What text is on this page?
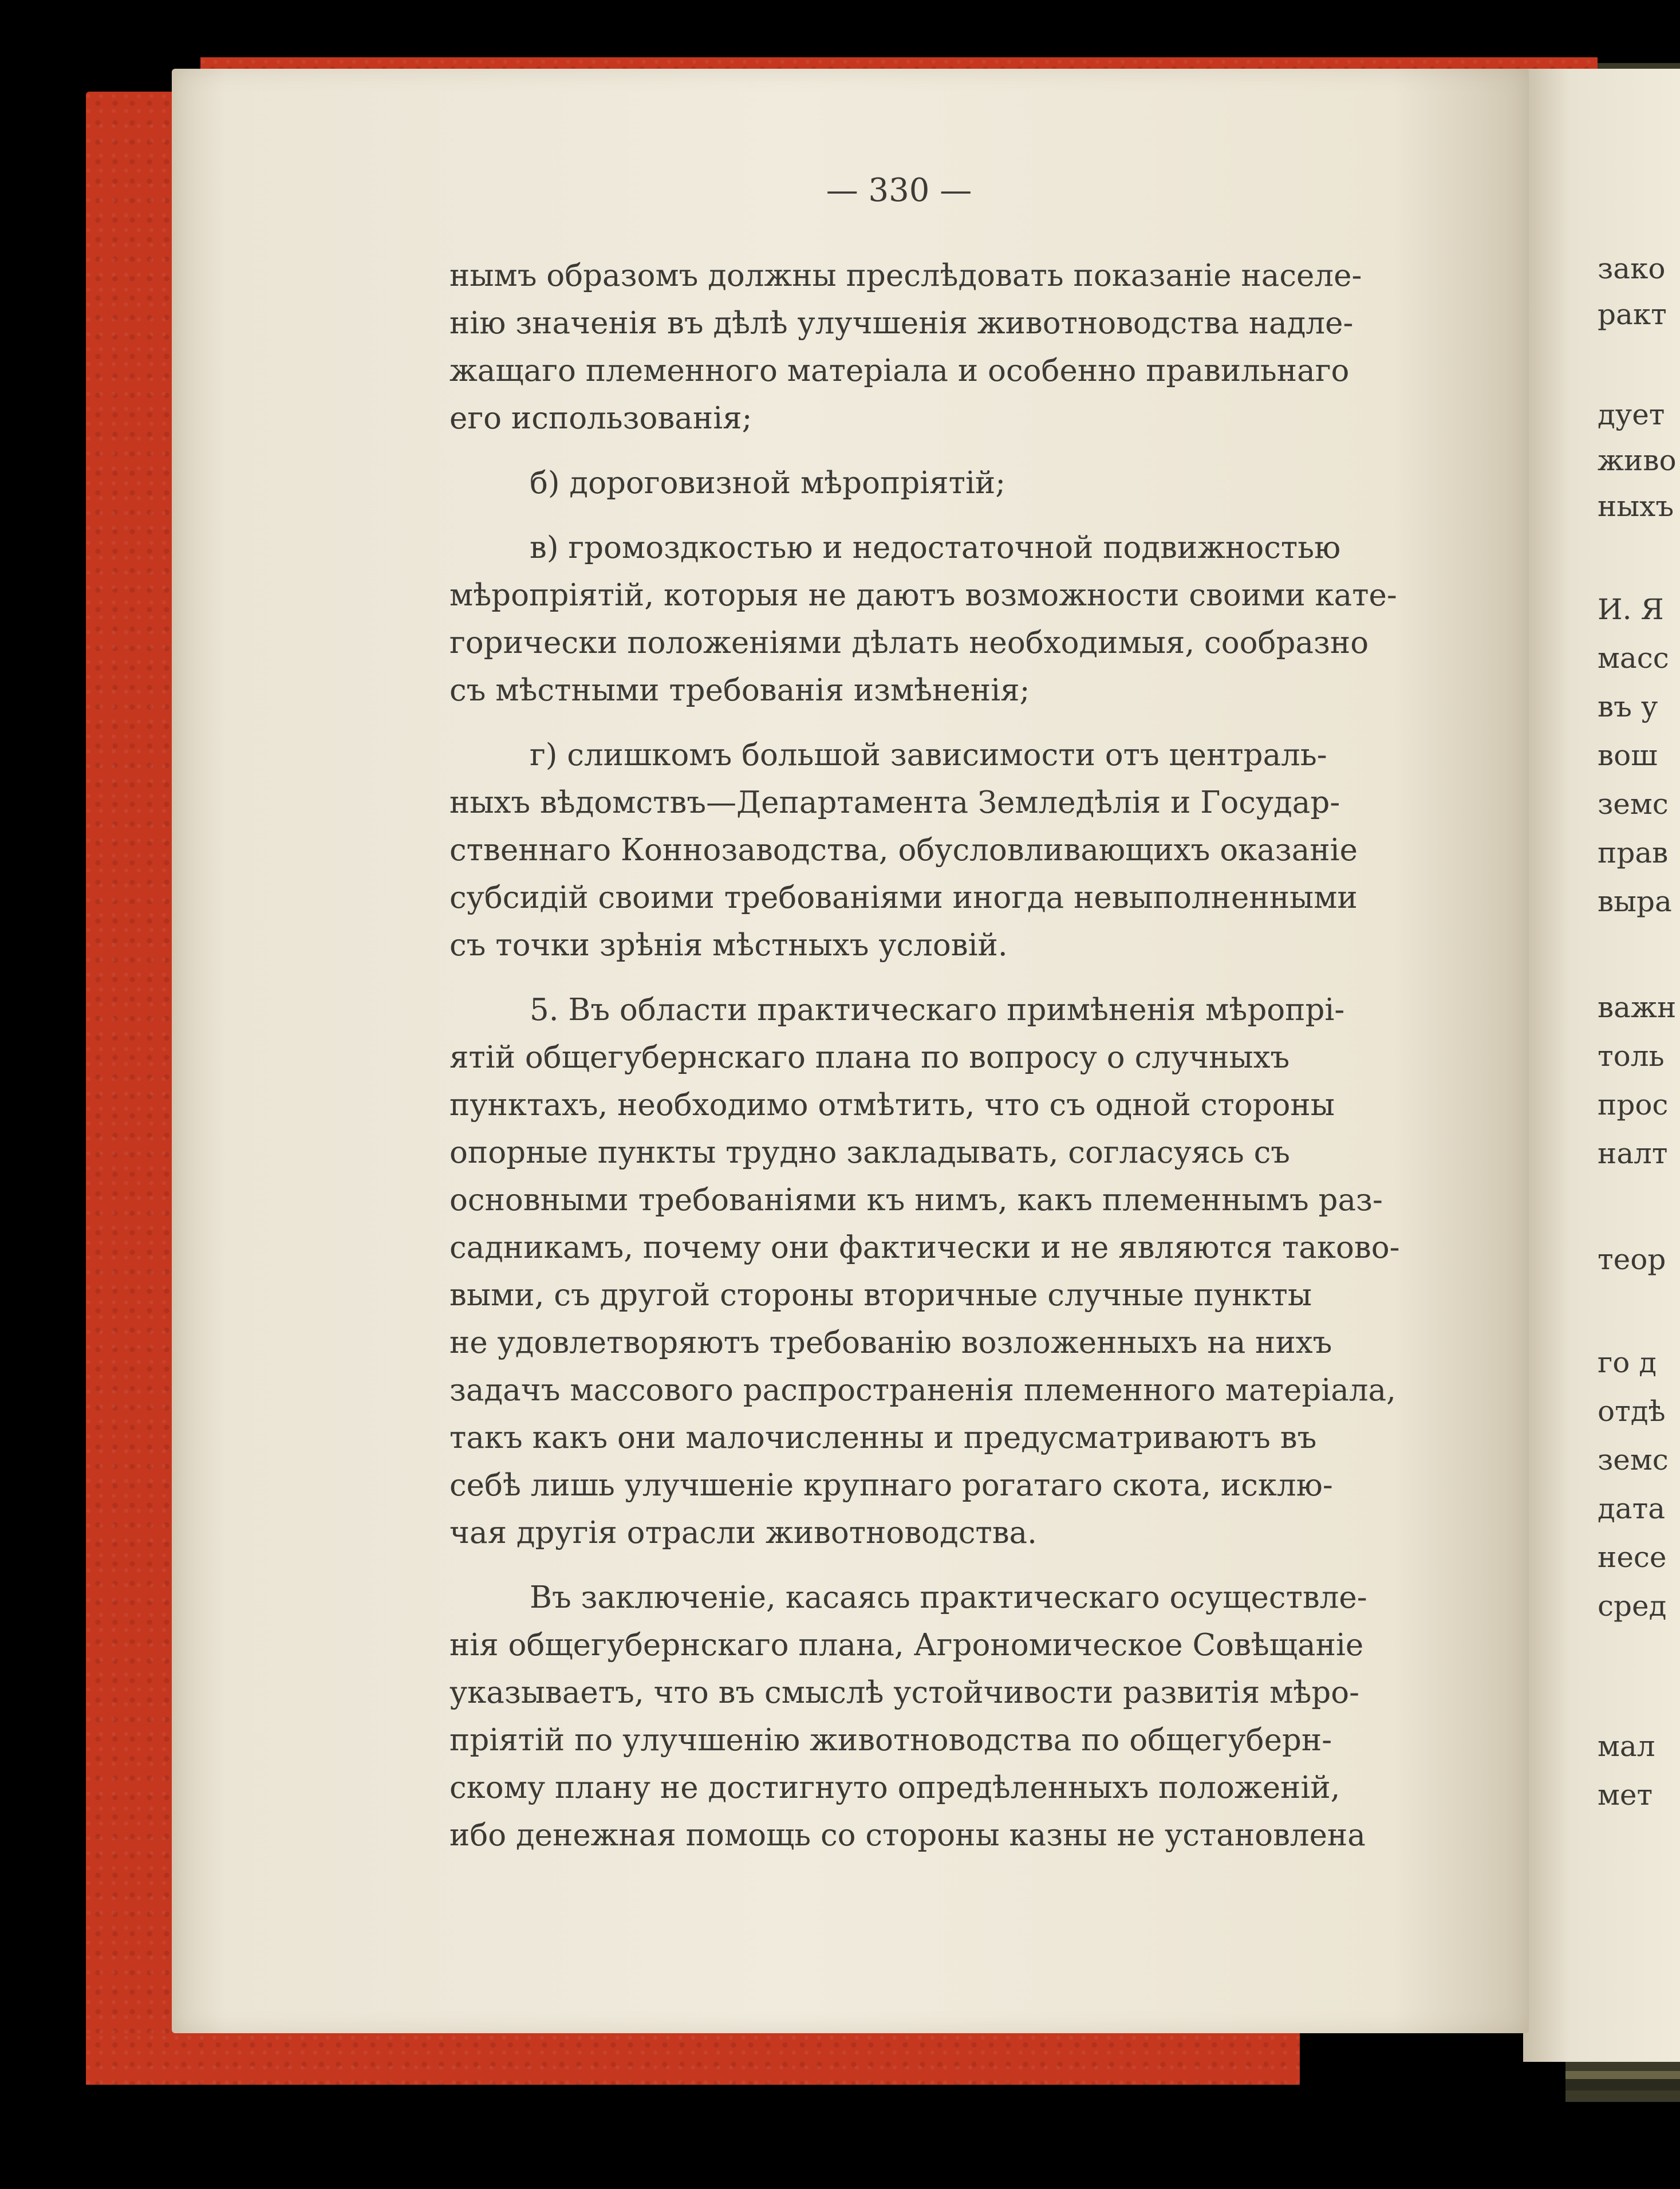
— 330 —
нымъ образомъ должны преслѣдовать показаніе населе-
нію значенія въ дѣлѣ улучшенія животноводства надле-
жащаго племенного матеріала и особенно правильнаго
его использованія;
б) дороговизной мѣропріятій;
в) громоздкостью и недостаточной подвижностью
мѣропріятій, которыя не даютъ возможности своими кате-
горически положеніями дѣлать необходимыя, сообразно
съ мѣстными требованія измѣненія;
г) слишкомъ большой зависимости отъ централь-
ныхъ вѣдомствъ—Департамента Земледѣлія и Государ-
ственнаго Коннозаводства, обусловливающихъ оказаніе
субсидій своими требованіями иногда невыполненными
съ точки зрѣнія мѣстныхъ условій.
5. Въ области практическаго примѣненія мѣропрі-
ятій общегубернскаго плана по вопросу о случныхъ
пунктахъ, необходимо отмѣтить, что съ одной стороны
опорные пункты трудно закладывать, согласуясь съ
основными требованіями къ нимъ, какъ племеннымъ раз-
садникамъ, почему они фактически и не являются таково-
выми, съ другой стороны вторичные случные пункты
не удовлетворяютъ требованію возложенныхъ на нихъ
задачъ массового распространенія племенного матеріала,
такъ какъ они малочисленны и предусматриваютъ въ
себѣ лишь улучшеніе крупнаго рогатаго скота, исклю-
чая другія отрасли животноводства.
Въ заключеніе, касаясь практическаго осуществле-
нія общегубернскаго плана, Агрономическое Совѣщаніе
указываетъ, что въ смыслѣ устойчивости развитія мѣро-
пріятій по улучшенію животноводства по общегуберн-
скому плану не достигнуто опредѣленныхъ положеній,
ибо денежная помощь со стороны казны не установлена
зако
ракт
дует
живо
ныхъ
И. Я
масс
въ у
вош
земс
прав
выра
важн
толь
прос
налт
теор
го д
отдѣ
земс
дата
несе
сред
мал
мет
